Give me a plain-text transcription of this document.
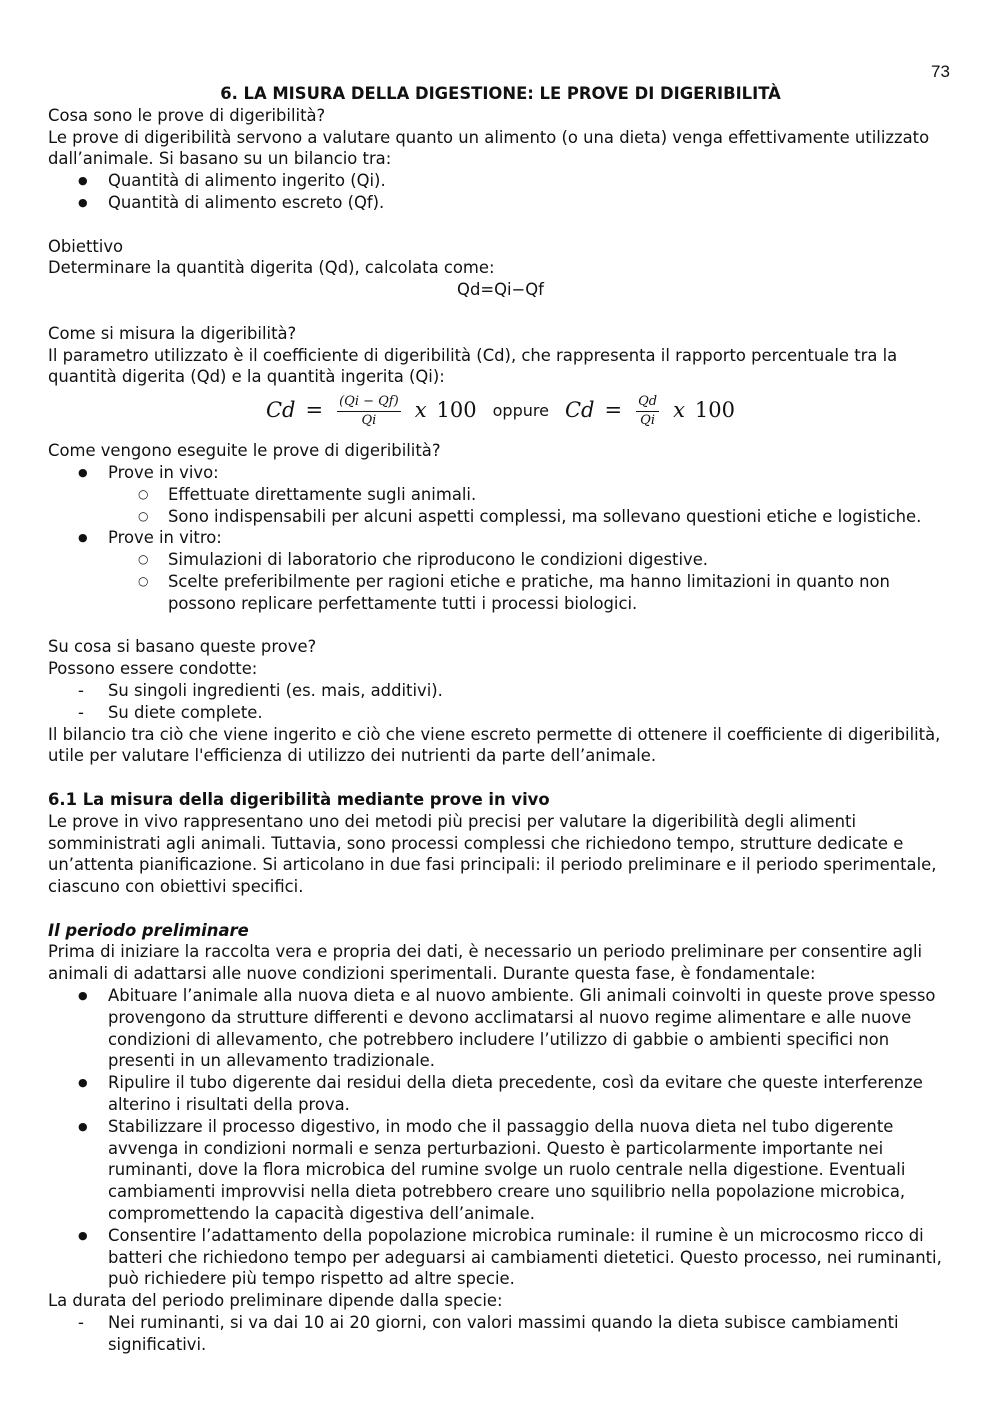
73

6. LA MISURA DELLA DIGESTIONE: LE PROVE DI DIGERIBILITÀ

Cosa sono le prove di digeribilità?

Le prove di digeribilità servono a valutare quanto un alimento (o una dieta) venga effettivamente utilizzato dall’animale. Si basano su un bilancio tra:

● Quantità di alimento ingerito (Qi).
● Quantità di alimento escreto (Qf).

Obiettivo

Determinare la quantità digerita (Qd), calcolata come:

Qd=Qi−Qf

Come si misura la digeribilità?

Il parametro utilizzato è il coefficiente di digeribilità (Cd), che rappresenta il rapporto percentuale tra la quantità digerita (Qd) e la quantità ingerita (Qi):

$Cd = \frac{(Qi - Qf)}{Qi}$ x 100 oppure $Cd = \frac{Qd}{Qi}$ x 100

Come vengono eseguite le prove di digeribilità?

● Prove in vivo:
○ Effettuate direttamente sugli animali.
○ Sono indispensabili per alcuni aspetti complessi, ma sollevano questioni etiche e logistiche.
● Prove in vitro:
○ Simulazioni di laboratorio che riproducono le condizioni digestive.
○ Scelte preferibilmente per ragioni etiche e pratiche, ma hanno limitazioni in quanto non possono replicare perfettamente tutti i processi biologici.

Su cosa si basano queste prove?

Possono essere condotte:

- Su singoli ingredienti (es. mais, additivi).
- Su diete complete.

Il bilancio tra ciò che viene ingerito e ciò che viene escreto permette di ottenere il coefficiente di digeribilità, utile per valutare l'efficienza di utilizzo dei nutrienti da parte dell’animale.

6.1 La misura della digeribilità mediante prove in vivo

Le prove in vivo rappresentano uno dei metodi più precisi per valutare la digeribilità degli alimenti somministrati agli animali. Tuttavia, sono processi complessi che richiedono tempo, strutture dedicate e un’attenta pianificazione. Si articolano in due fasi principali: il periodo preliminare e il periodo sperimentale, ciascuno con obiettivi specifici.

Il periodo preliminare

Prima di iniziare la raccolta vera e propria dei dati, è necessario un periodo preliminare per consentire agli animali di adattarsi alle nuove condizioni sperimentali. Durante questa fase, è fondamentale:

● Abituare l’animale alla nuova dieta e al nuovo ambiente. Gli animali coinvolti in queste prove spesso provengono da strutture differenti e devono acclimatarsi al nuovo regime alimentare e alle nuove condizioni di allevamento, che potrebbero includere l’utilizzo di gabbie o ambienti specifici non presenti in un allevamento tradizionale.
● Ripulire il tubo digerente dai residui della dieta precedente, così da evitare che queste interferenze alterino i risultati della prova.
● Stabilizzare il processo digestivo, in modo che il passaggio della nuova dieta nel tubo digerente avvenga in condizioni normali e senza perturbazioni. Questo è particolarmente importante nei ruminanti, dove la flora microbica del rumine svolge un ruolo centrale nella digestione. Eventuali cambiamenti improvvisi nella dieta potrebbero creare uno squilibrio nella popolazione microbica, compromettendo la capacità digestiva dell’animale.
● Consentire l’adattamento della popolazione microbica ruminale: il rumine è un microcosmo ricco di batteri che richiedono tempo per adeguarsi ai cambiamenti dietetici. Questo processo, nei ruminanti, può richiedere più tempo rispetto ad altre specie.

La durata del periodo preliminare dipende dalla specie:

- Nei ruminanti, si va dai 10 ai 20 giorni, con valori massimi quando la dieta subisce cambiamenti significativi.
